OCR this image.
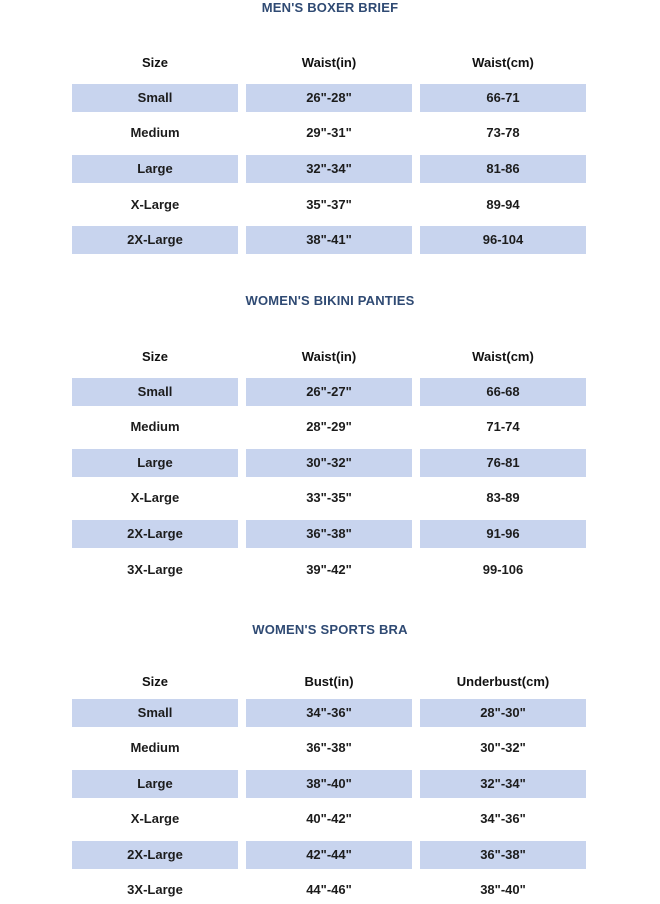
MEN'S BOXER BRIEF
Size	Waist(in)	Waist(cm)
Small	26"-28"	66-71
Medium	29"-31"	73-78
Large	32"-34"	81-86
X-Large	35"-37"	89-94
2X-Large	38"-41"	96-104
WOMEN'S BIKINI PANTIES
Size	Waist(in)	Waist(cm)
Small	26"-27"	66-68
Medium	28"-29"	71-74
Large	30"-32"	76-81
X-Large	33"-35"	83-89
2X-Large	36"-38"	91-96
3X-Large	39"-42"	99-106
WOMEN'S SPORTS BRA
Size	Bust(in)	Underbust(cm)
Small	34"-36"	28"-30"
Medium	36"-38"	30"-32"
Large	38"-40"	32"-34"
X-Large	40"-42"	34"-36"
2X-Large	42"-44"	36"-38"
3X-Large	44"-46"	38"-40"
